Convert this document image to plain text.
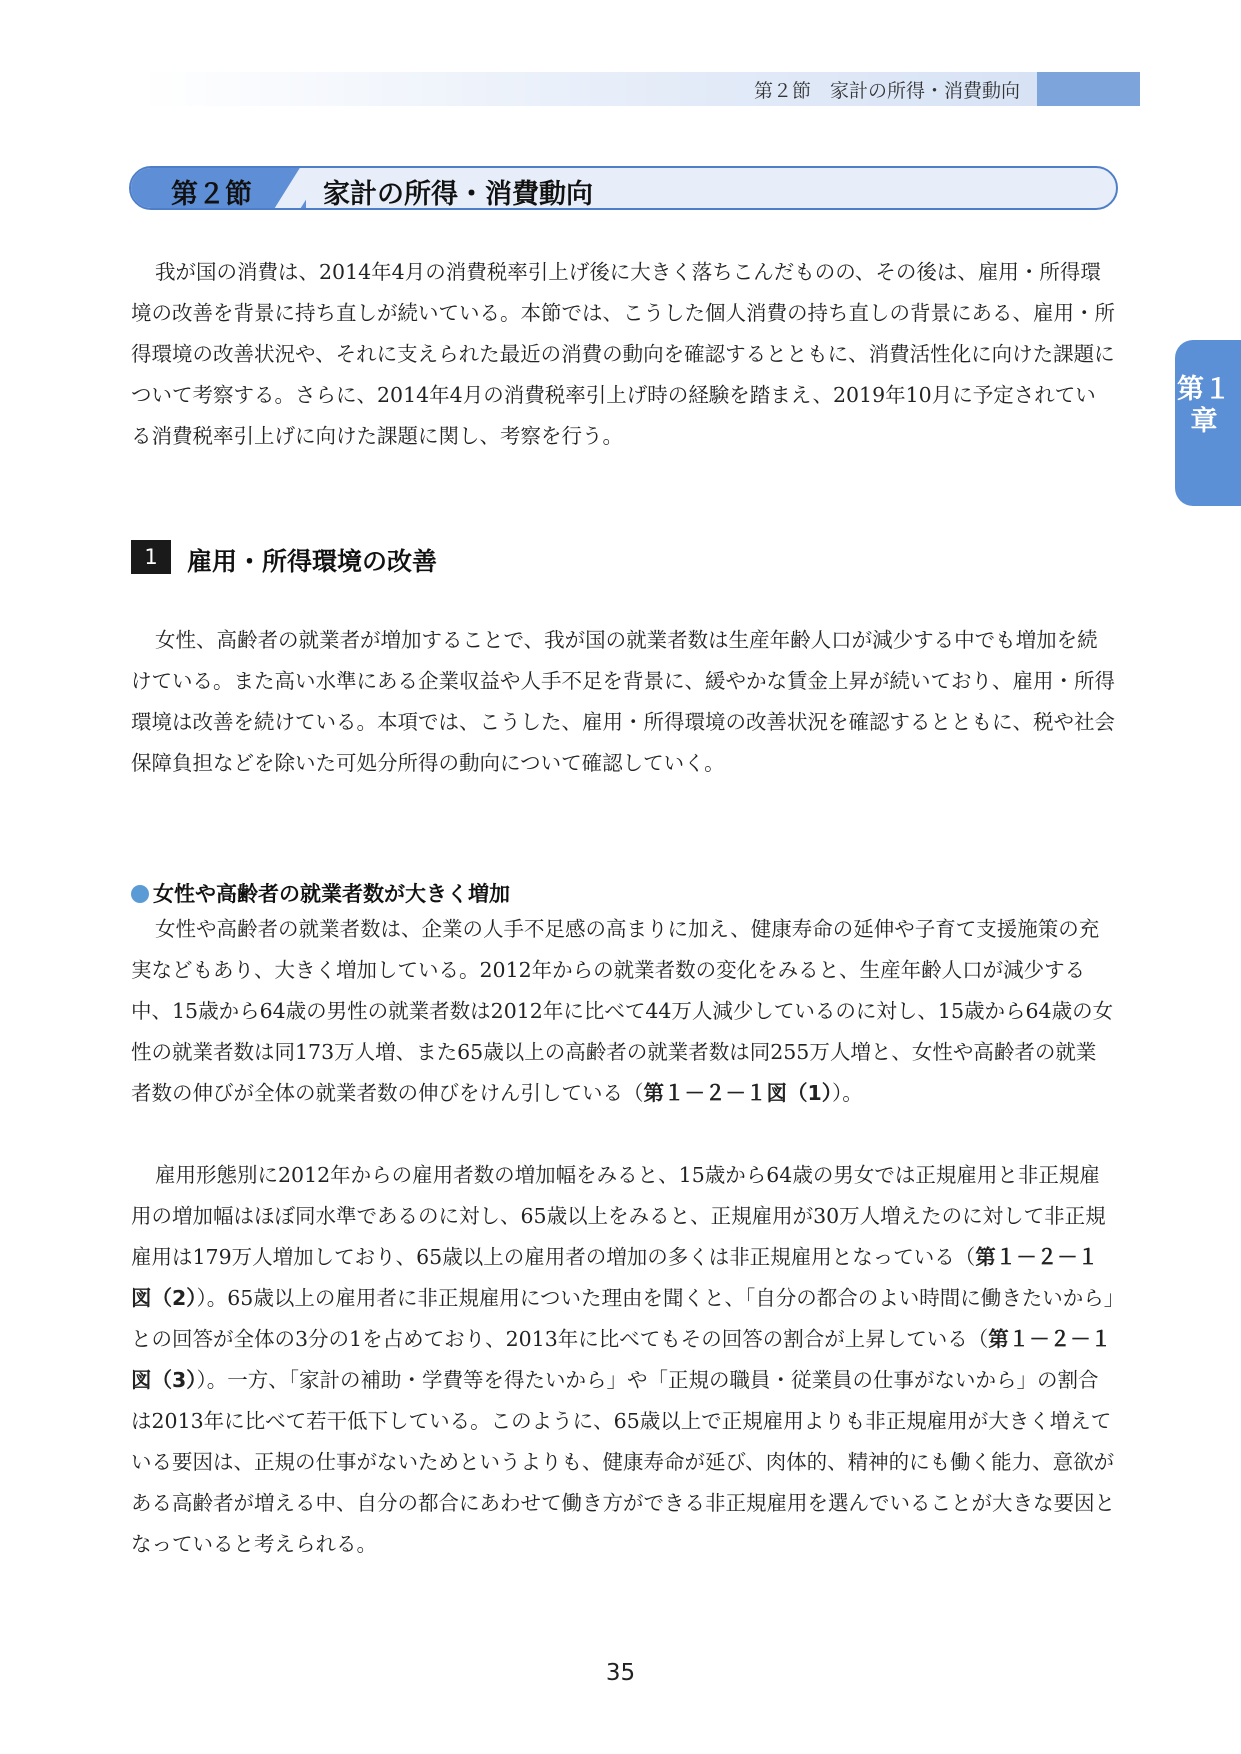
第２節　家計の所得・消費動向
第２節	家計の所得・消費動向
第１章

我が国の消費は、2014年4月の消費税率引上げ後に大きく落ちこんだものの、その後は、雇用・所得環境の改善を背景に持ち直しが続いている。本節では、こうした個人消費の持ち直しの背景にある、雇用・所得環境の改善状況や、それに支えられた最近の消費の動向を確認するとともに、消費活性化に向けた課題について考察する。さらに、2014年4月の消費税率引上げ時の経験を踏まえ、2019年10月に予定されている消費税率引上げに向けた課題に関し、考察を行う。

1	雇用・所得環境の改善

女性、高齢者の就業者が増加することで、我が国の就業者数は生産年齢人口が減少する中でも増加を続けている。また高い水準にある企業収益や人手不足を背景に、緩やかな賃金上昇が続いており、雇用・所得環境は改善を続けている。本項では、こうした、雇用・所得環境の改善状況を確認するとともに、税や社会保障負担などを除いた可処分所得の動向について確認していく。

女性や高齢者の就業者数が大きく増加

女性や高齢者の就業者数は、企業の人手不足感の高まりに加え、健康寿命の延伸や子育て支援施策の充実などもあり、大きく増加している。2012年からの就業者数の変化をみると、生産年齢人口が減少する中、15歳から64歳の男性の就業者数は2012年に比べて44万人減少しているのに対し、15歳から64歳の女性の就業者数は同173万人増、また65歳以上の高齢者の就業者数は同255万人増と、女性や高齢者の就業者数の伸びが全体の就業者数の伸びをけん引している（第１－２－１図（1））。

雇用形態別に2012年からの雇用者数の増加幅をみると、15歳から64歳の男女では正規雇用と非正規雇用の増加幅はほぼ同水準であるのに対し、65歳以上をみると、正規雇用が30万人増えたのに対して非正規雇用は179万人増加しており、65歳以上の雇用者の増加の多くは非正規雇用となっている（第１－２－１図（2））。65歳以上の雇用者に非正規雇用についた理由を聞くと、「自分の都合のよい時間に働きたいから」との回答が全体の3分の1を占めており、2013年に比べてもその回答の割合が上昇している（第１－２－１図（3））。一方、「家計の補助・学費等を得たいから」や「正規の職員・従業員の仕事がないから」の割合は2013年に比べて若干低下している。このように、65歳以上で正規雇用よりも非正規雇用が大きく増えている要因は、正規の仕事がないためというよりも、健康寿命が延び、肉体的、精神的にも働く能力、意欲がある高齢者が増える中、自分の都合にあわせて働き方ができる非正規雇用を選んでいることが大きな要因となっていると考えられる。

35
